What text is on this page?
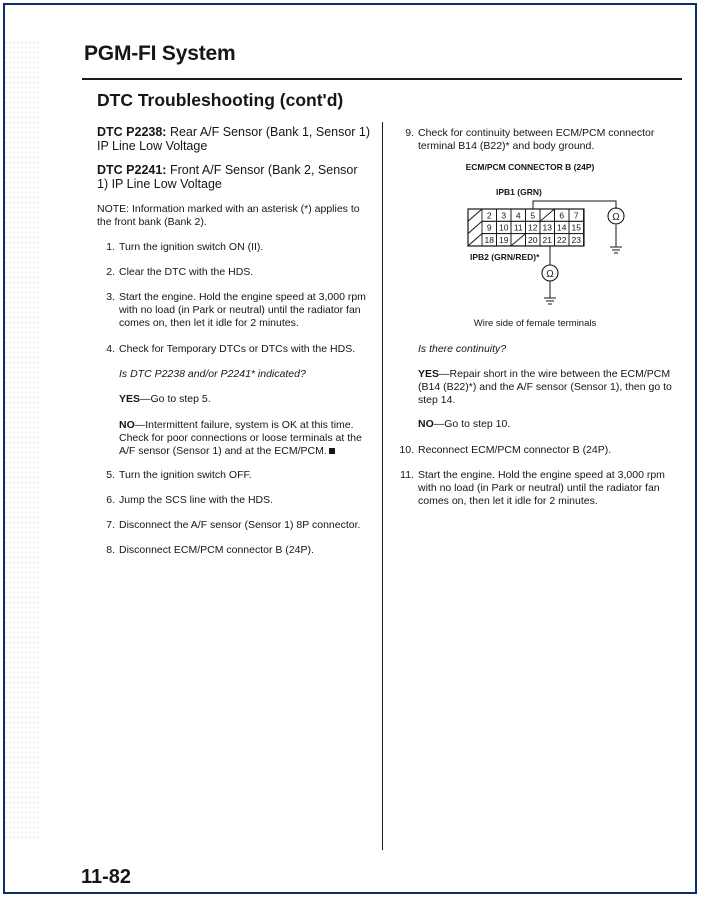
PGM-FI System
DTC Troubleshooting (cont'd)

DTC P2238: Rear A/F Sensor (Bank 1, Sensor 1) IP Line Low Voltage

DTC P2241: Front A/F Sensor (Bank 2, Sensor 1) IP Line Low Voltage

NOTE: Information marked with an asterisk (*) applies to the front bank (Bank 2).
1. Turn the ignition switch ON (II).
2. Clear the DTC with the HDS.
3. Start the engine. Hold the engine speed at 3,000 rpm with no load (in Park or neutral) until the radiator fan comes on, then let it idle for 2 minutes.
4. Check for Temporary DTCs or DTCs with the HDS.
Is DTC P2238 and/or P2241* indicated?
YES—Go to step 5.
NO—Intermittent failure, system is OK at this time. Check for poor connections or loose terminals at the A/F sensor (Sensor 1) and at the ECM/PCM.
5. Turn the ignition switch OFF.
6. Jump the SCS line with the HDS.
7. Disconnect the A/F sensor (Sensor 1) 8P connector.
8. Disconnect ECM/PCM connector B (24P).
9. Check for continuity between ECM/PCM connector terminal B14 (B22)* and body ground.
ECM/PCM CONNECTOR B (24P)
IPB1 (GRN)
Ω
IPB2 (GRN/RED)*
Ω
2 3 4 5	6 7
9 10 11 12 13 14 15
18 19 20 21 22 23
Wire side of female terminals
Is there continuity?
YES—Repair short in the wire between the ECM/PCM (B14 (B22)*) and the A/F sensor (Sensor 1), then go to step 14.
NO—Go to step 10.
10. Reconnect ECM/PCM connector B (24P).
11. Start the engine. Hold the engine speed at 3,000 rpm with no load (in Park or neutral) until the radiator fan comes on, then let it idle for 2 minutes.
11-82
